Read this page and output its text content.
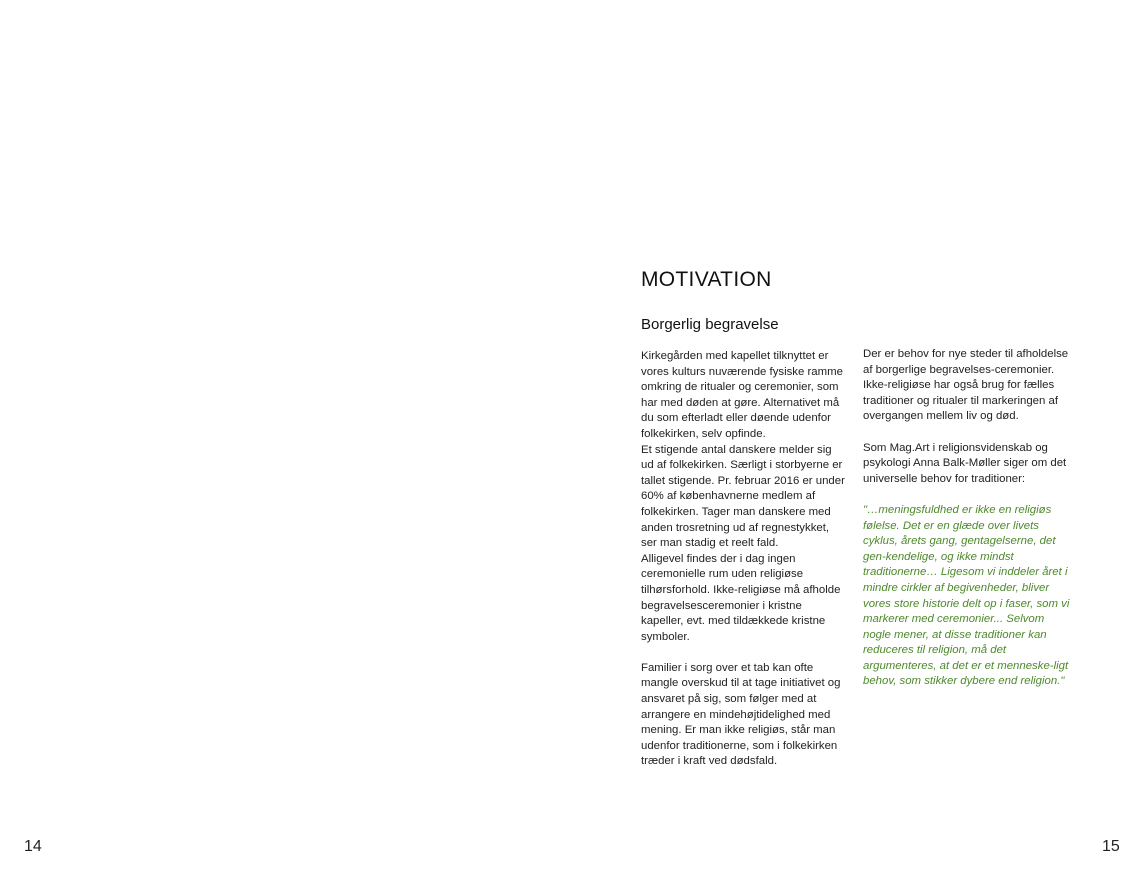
14
MOTIVATION
Borgerlig begravelse

Kirkegården med kapellet tilknyttet er vores kulturs nuværende fysiske ramme omkring de ritualer og ceremonier, som har med døden at gøre. Alternativet må du som efterladt eller døende udenfor folkekirken, selv opfinde.

Et stigende antal danskere melder sig ud af folkekirken. Særligt i storbyerne er tallet stigende. Pr. februar 2016 er under 60% af københavnerne medlem af folkekirken. Tager man danskere med anden trosretning ud af regnestykket, ser man stadig et reelt fald.

Alligevel findes der i dag ingen ceremonielle rum uden religiøse tilhørsforhold. Ikke-religiøse må afholde begravelsesceremonier i kristne kapeller, evt. med tildækkede kristne symboler.

Familier i sorg over et tab kan ofte mangle overskud til at tage initiativet og ansvaret på sig, som følger med at arrangere en mindehøjtidelighed med mening. Er man ikke religiøs, står man udenfor traditionerne, som i folkekirken træder i kraft ved dødsfald.

Der er behov for nye steder til afholdelse af borgerlige begravelses-ceremonier. Ikke-religiøse har også brug for fælles traditioner og ritualer til markeringen af overgangen mellem liv og død.

Som Mag.Art i religionsvidenskab og psykologi Anna Balk-Møller siger om det universelle behov for traditioner:

"…meningsfuldhed er ikke en religiøs følelse. Det er en glæde over livets cyklus, årets gang, gentagelserne, det gen-kendelige, og ikke mindst traditionerne… Ligesom vi inddeler året i mindre cirkler af begivenheder, bliver vores store historie delt op i faser, som vi markerer med ceremonier... Selvom nogle mener, at disse traditioner kan reduceres til religion, må det argumenteres, at det er et menneske-ligt behov, som stikker dybere end religion."

15
